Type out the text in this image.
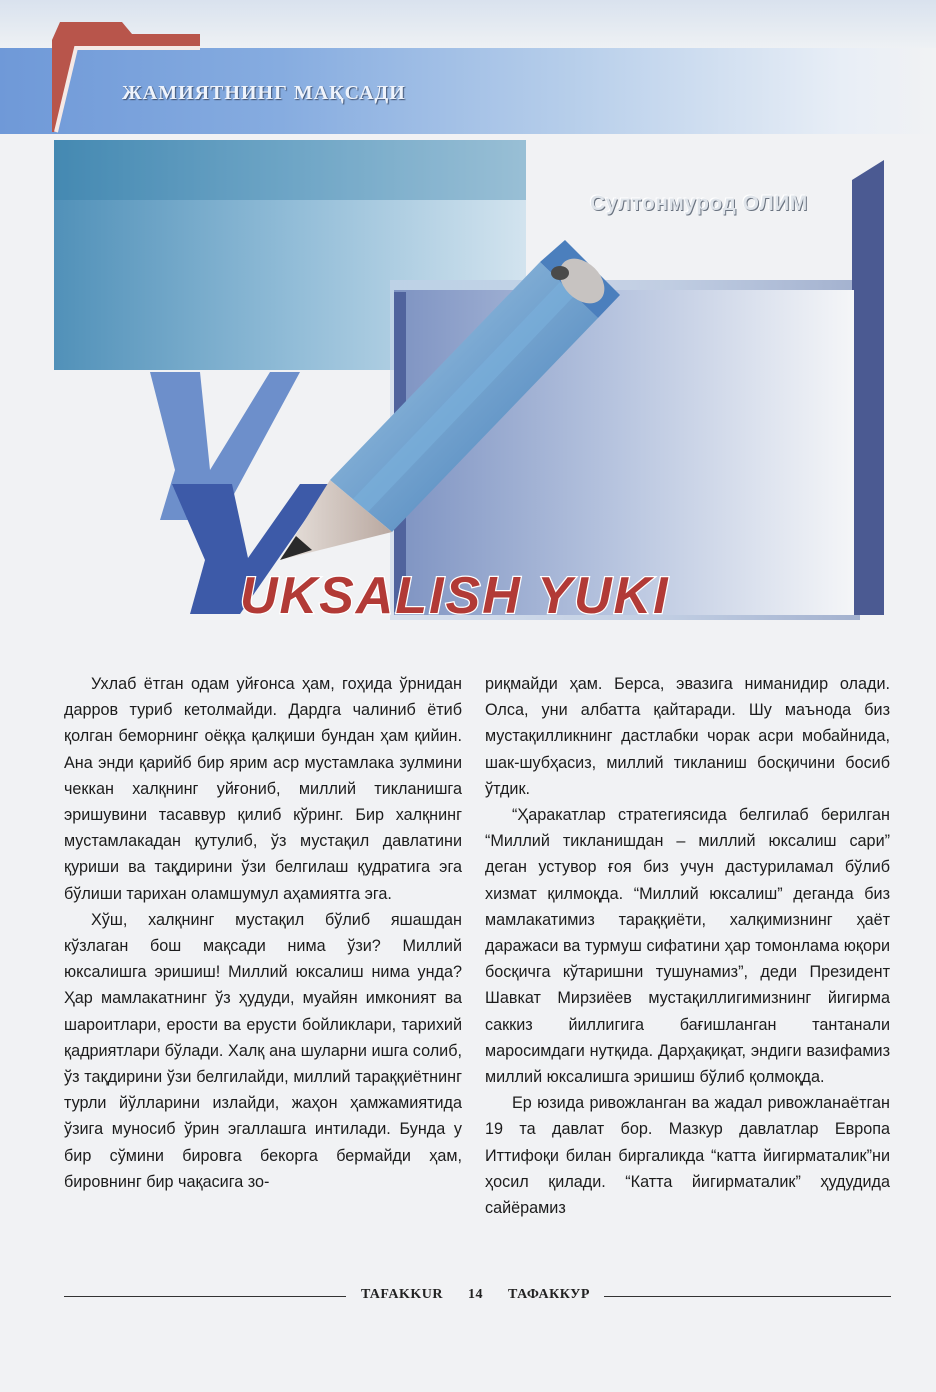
ЖАМИЯТНИНГ МАҚСАДИ
UKSALISH YUKI
Султонмурод ОЛИМ

Ухлаб ётган одам уйғонса ҳам, гоҳида ўрнидан дарров туриб кетолмайди. Дардга чалиниб ётиб қолган беморнинг оёққа қалқиши бундан ҳам қийин. Ана энди қарийб бир ярим аср мустамлака зулмини чеккан халқнинг уйғониб, миллий тикланишга эришувини тасаввур қилиб кўринг. Бир халқнинг мустамлакадан қутулиб, ўз мустақил давлатини қуриши ва тақдирини ўзи белгилаш қудратига эга бўлиши тарихан оламшумул аҳамиятга эга.

Хўш, халқнинг мустақил бўлиб яшашдан кўзлаган бош мақсади нима ўзи? Миллий юксалишга эришиш! Миллий юксалиш нима унда? Ҳар мамлакатнинг ўз ҳудуди, муайян имконият ва шароитлари, ерости ва ерусти бойликлари, тарихий қадриятлари бўлади. Халқ ана шуларни ишга солиб, ўз тақдирини ўзи белгилайди, миллий тараққиётнинг турли йўлларини излайди, жаҳон ҳамжамиятида ўзига муносиб ўрин эгаллашга интилади. Бунда у бир сўмини бировга бекорга бермайди ҳам, бировнинг бир чақасига зо-

риқмайди ҳам. Берса, эвазига ниманидир олади. Олса, уни албатта қайтаради. Шу маънода биз мустақилликнинг дастлабки чорак асри мобайнида, шак-шубҳасиз, миллий тикланиш босқичини босиб ўтдик.

“Ҳаракатлар стратегиясида белгилаб берилган “Миллий тикланишдан – миллий юксалиш сари” деган устувор ғоя биз учун дастуриламал бўлиб хизмат қилмоқда. “Миллий юксалиш” деганда биз мамлакатимиз тараққиёти, халқимизнинг ҳаёт даражаси ва турмуш сифатини ҳар томонлама юқори босқичга кўтаришни тушунамиз”, деди Президент Шавкат Мирзиёев мустақиллигимизнинг йигирма саккиз йиллигига бағишланган тантанали маросимдаги нутқида. Дарҳақиқат, эндиги вазифамиз миллий юксалишга эришиш бўлиб қолмоқда.

Ер юзида ривожланган ва жадал ривожланаётган 19 та давлат бор. Мазкур давлатлар Европа Иттифоқи билан биргаликда “катта йигирматалик”ни ҳосил қилади. “Катта йигирматалик” ҳудудида сайёрамиз

TAFAKKUR 14 ТАФАККУР
